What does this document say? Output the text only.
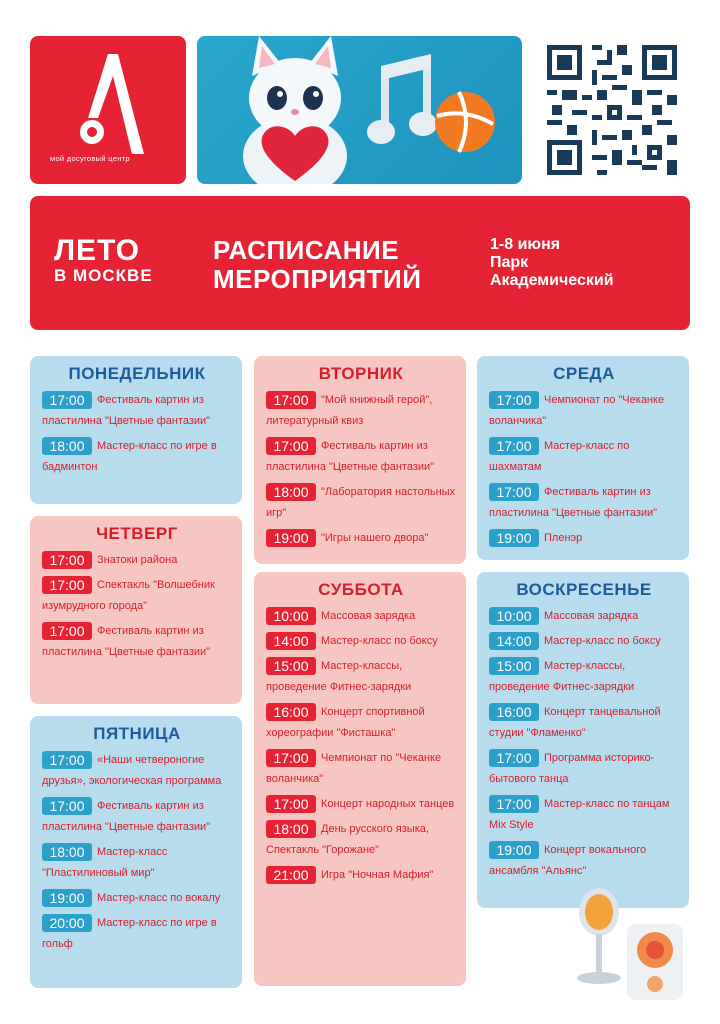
мой досуговый центр
ЛЕТО
В МОСКВЕ
РАСПИСАНИЕ
МЕРОПРИЯТИЙ
1-8 июня
Парк
Академический
ПОНЕДЕЛЬНИК
17:00 Фестиваль картин из пластилина "Цветные фантазии"
18:00 Мастер-класс по игре в бадминтон
ВТОРНИК
17:00 "Мой книжный герой", литературный квиз
17:00 Фестиваль картин из пластилина "Цветные фантазии"
18:00 "Лаборатория настольных игр"
19:00 "Игры нашего двора"
СРЕДА
17:00 Чемпионат по "Чеканке воланчика"
17:00 Мастер-класс по шахматам
17:00 Фестиваль картин из пластилина "Цветные фантазии"
19:00 Пленэр
ЧЕТВЕРГ
17:00 Знатоки района
17:00 Спектакль "Волшебник изумрудного города"
17:00 Фестиваль картин из пластилина "Цветные фантазии"
СУББОТА
10:00 Массовая зарядка
14:00 Мастер-класс по боксу
15:00 Мастер-классы, проведение Фитнес-зарядки
16:00 Концерт спортивной хореографии "Фисташка"
17:00 Чемпионат по "Чеканке воланчика"
17:00 Концерт народных танцев
18:00 День русского языка, Спектакль "Горожане"
21:00 Игра "Ночная Мафия"
ВОСКРЕСЕНЬЕ
10:00 Массовая зарядка
14:00 Мастер-класс по боксу
15:00 Мастер-классы, проведение Фитнес-зарядки
16:00 Концерт танцевальной студии "Фламенко"
17:00 Программа историко-бытового танца
17:00 Мастер-класс по танцам Mix Style
19:00 Концерт вокального ансамбля "Альянс"
ПЯТНИЦА
17:00 «Наши четвероногие друзья», экологическая программа
17:00 Фестиваль картин из пластилина "Цветные фантазии"
18:00 Мастер-класс "Пластилиновый мир"
19:00 Мастер-класс по вокалу
20:00 Мастер-класс по игре в гольф
